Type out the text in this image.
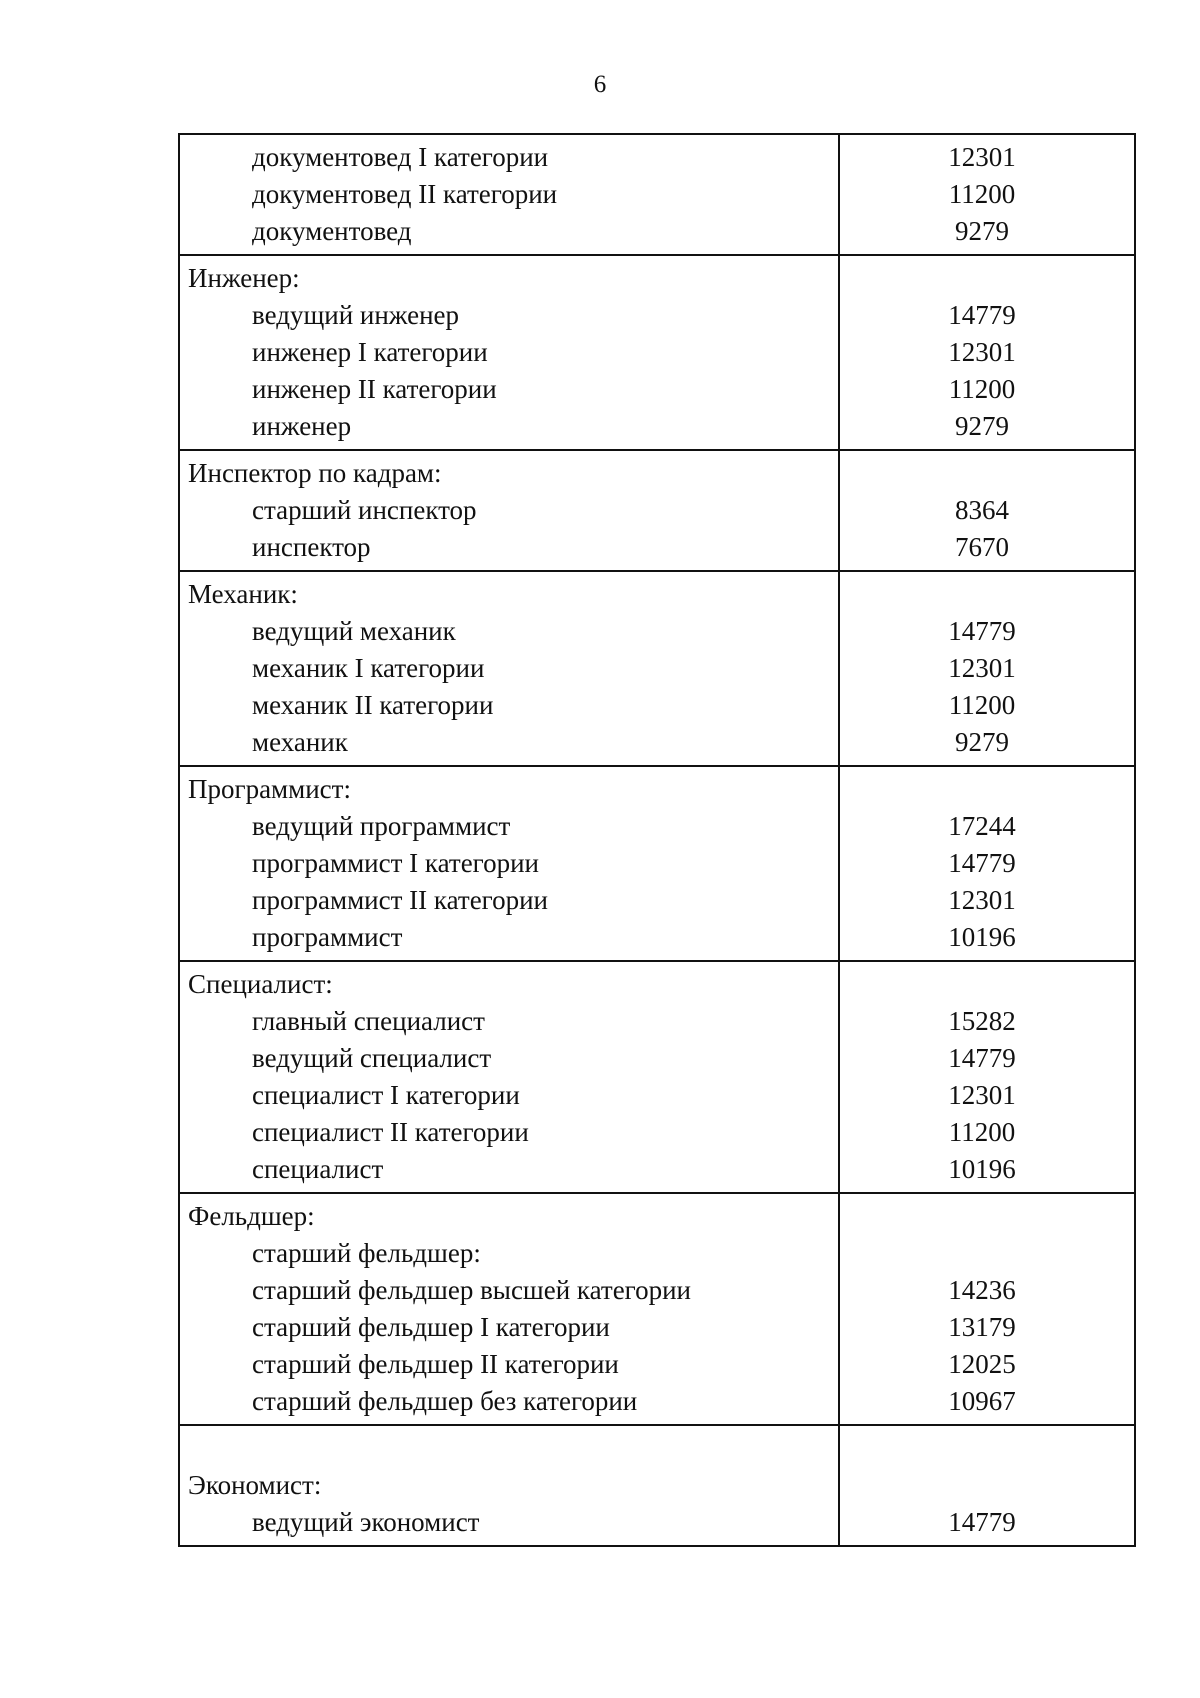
6
документовед I категории
документовед II категории
документовед
12301
11200
9279
Инженер:
ведущий инженер
инженер I категории
инженер II категории
инженер
14779
12301
11200
9279
Инспектор по кадрам:
старший инспектор
инспектор
8364
7670
Механик:
ведущий механик
механик I категории
механик II категории
механик
14779
12301
11200
9279
Программист:
ведущий программист
программист I категории
программист II категории
программист
17244
14779
12301
10196
Специалист:
главный специалист
ведущий специалист
специалист I категории
специалист II категории
специалист
15282
14779
12301
11200
10196
Фельдшер:
старший фельдшер:
старший фельдшер высшей категории
старший фельдшер I категории
старший фельдшер II категории
старший фельдшер без категории
14236
13179
12025
10967
Экономист:
ведущий экономист	14779
